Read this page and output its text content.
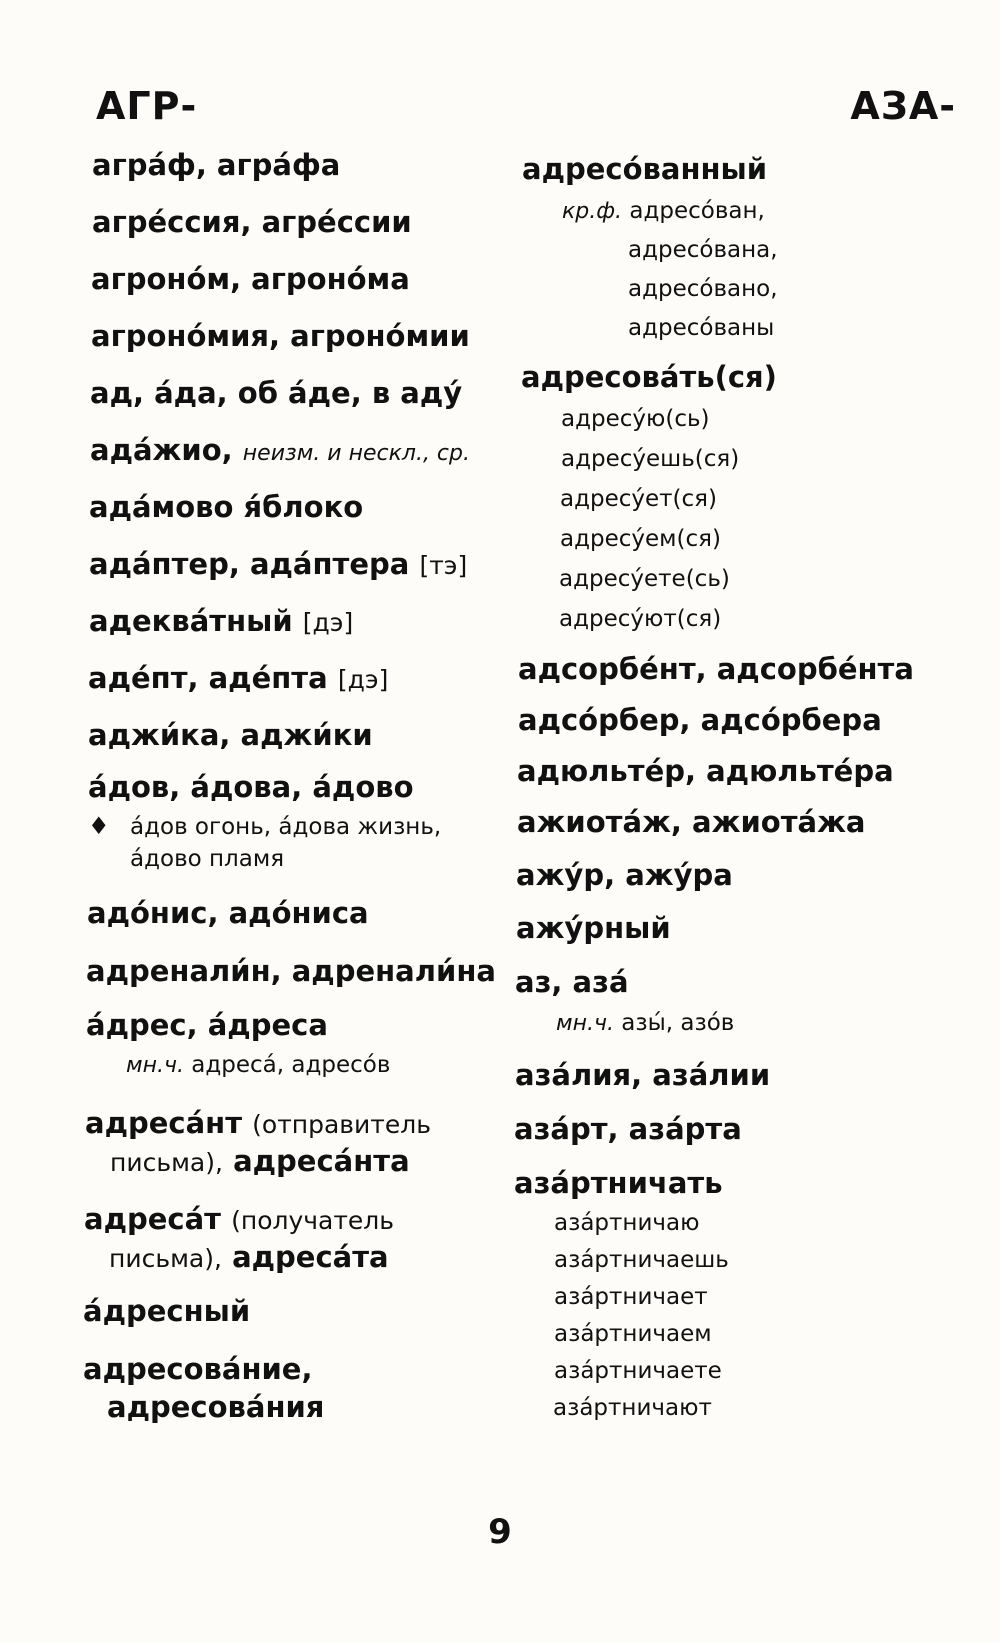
АГР-	АЗА-
агра́ф, агра́фа
агре́ссия, агре́ссии
агроно́м, агроно́ма
агроно́мия, агроно́мии
ад, а́да, об а́де, в аду́
ада́жио, неизм. и нескл., ср.
ада́мово я́блоко
ада́птер, ада́птера [тэ]
адеква́тный [дэ]
аде́пт, аде́пта [дэ]
аджи́ка, аджи́ки
а́дов, а́дова, а́дово
♦ а́дов огонь, а́дова жизнь,
а́дово пламя
адо́нис, адо́ниса
адренали́н, адренали́на
а́дрес, а́дреса
мн.ч. адреса́, адресо́в
адреса́нт (отправитель
письма), адреса́нта
адреса́т (получатель
письма), адреса́та
а́дресный
адресова́ние,
адресова́ния
адресо́ванный
кр.ф. адресо́ван,
адресо́вана,
адресо́вано,
адресо́ваны
адресова́ть(ся)
адресу́ю(сь)
адресу́ешь(ся)
адресу́ет(ся)
адресу́ем(ся)
адресу́ете(сь)
адресу́ют(ся)
адсорбе́нт, адсорбе́нта
адсо́рбер, адсо́рбера
адюльте́р, адюльте́ра
ажиота́ж, ажиота́жа
ажу́р, ажу́ра
ажу́рный
аз, аза́
мн.ч. азы́, азо́в
аза́лия, аза́лии
аза́рт, аза́рта
аза́ртничать
аза́ртничаю
аза́ртничаешь
аза́ртничает
аза́ртничаем
аза́ртничаете
аза́ртничают
9
